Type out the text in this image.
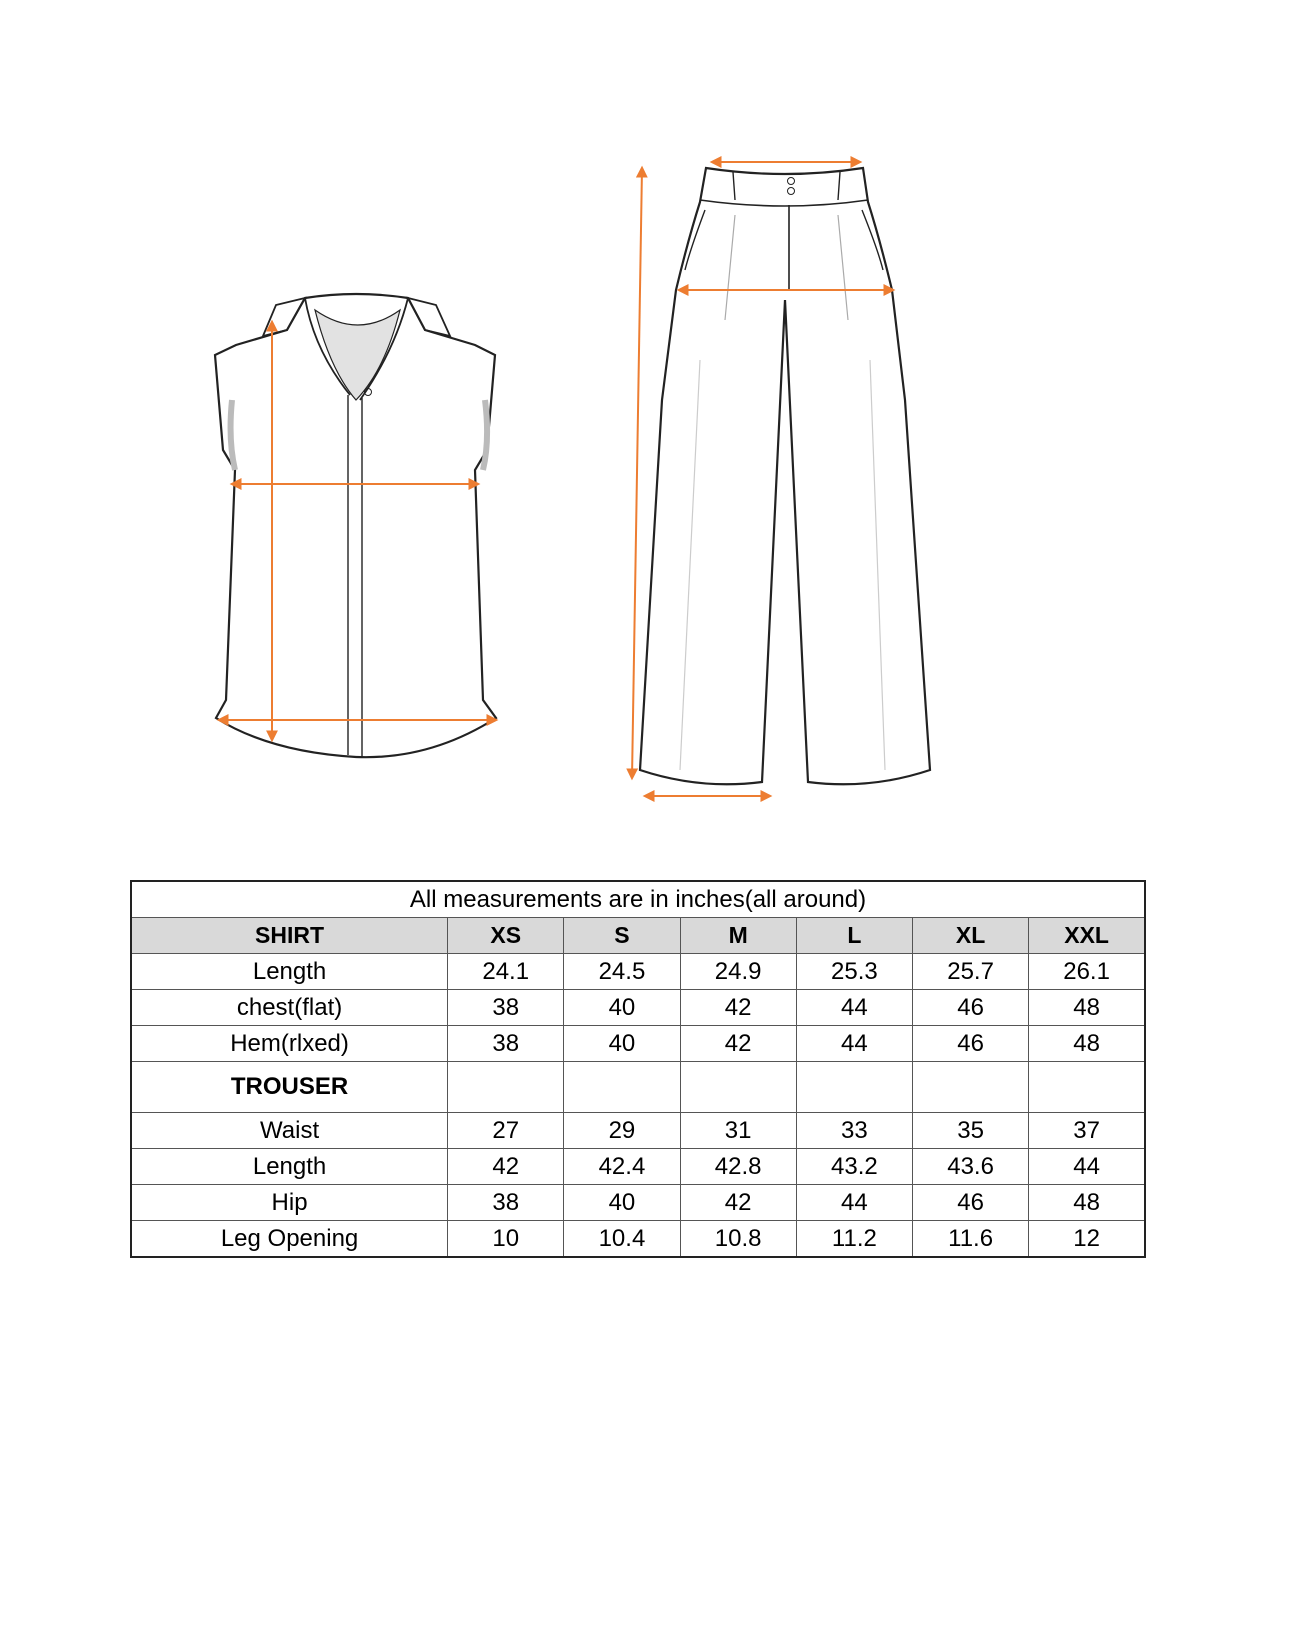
All measurements are in inches(all around)						
SHIRT	XS	S	M	L	XL	XXL
Length	24.1	24.5	24.9	25.3	25.7	26.1
chest(flat)	38	40	42	44	46	48
Hem(rlxed)	38	40	42	44	46	48
TROUSER						
Waist	27	29	31	33	35	37
Length	42	42.4	42.8	43.2	43.6	44
Hip	38	40	42	44	46	48
Leg Opening	10	10.4	10.8	11.2	11.6	12
